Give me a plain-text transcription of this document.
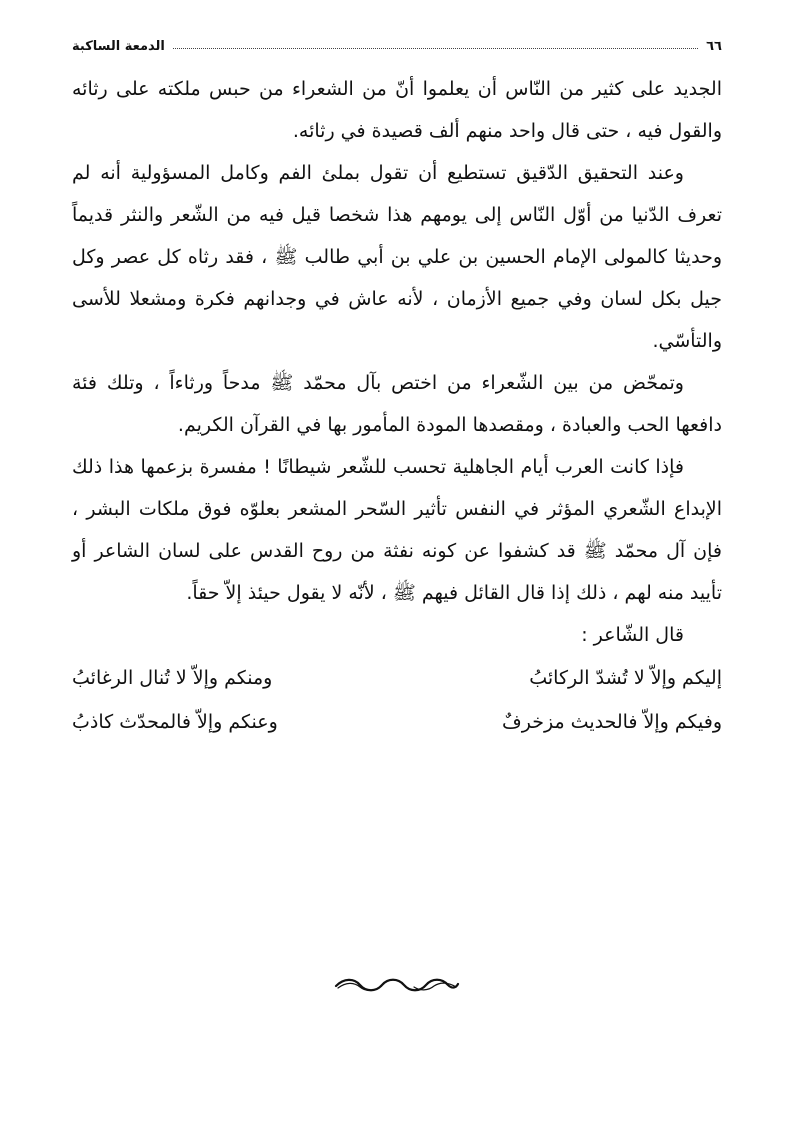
٦٦
الدمعة الساكبة

الجديد على كثير من النّاس أن يعلموا أنّ من الشعراء من حبس ملكته على رثائه والقول فيه ، حتى قال واحد منهم ألف قصيدة في رثائه.

وعند التحقيق الدّقيق تستطيع أن تقول بملئ الفم وكامل المسؤولية أنه لم تعرف الدّنيا من أوّل النّاس إلى يومهم هذا شخصا قيل فيه من الشّعر والنثر قديماً وحديثا كالمولى الإمام الحسين بن علي بن أبي طالب ﷺ ، فقد رثاه كل عصر وكل جيل بكل لسان وفي جميع الأزمان ، لأنه عاش في وجدانهم فكرة ومشعلا للأسى والتأسّي.

وتمحّض من بين الشّعراء من اختص بآل محمّد ﷺ مدحاً ورثاءاً ، وتلك فئة دافعها الحب والعبادة ، ومقصدها المودة المأمور بها في القرآن الكريم.

فإذا كانت العرب أيام الجاهلية تحسب للشّعر شيطانًا ! مفسرة بزعمها هذا ذلك الإبداع الشّعري المؤثر في النفس تأثير السّحر المشعر بعلوّه فوق ملكات البشر ، فإن آل محمّد ﷺ قد كشفوا عن كونه نفثة من روح القدس على لسان الشاعر أو تأييد منه لهم ، ذلك إذا قال القائل فيهم ﷺ ، لأنّه لا يقول حيئذ إلاّ حقاً.

قال الشّاعر :

إليكم وإلاّ لا تُشدّ الركائبُ
ومنكم وإلاّ لا تُنال الرغائبُ
وفيكم وإلاّ فالحديث مزخرفٌ
وعنكم وإلاّ فالمحدّث كاذبُ
